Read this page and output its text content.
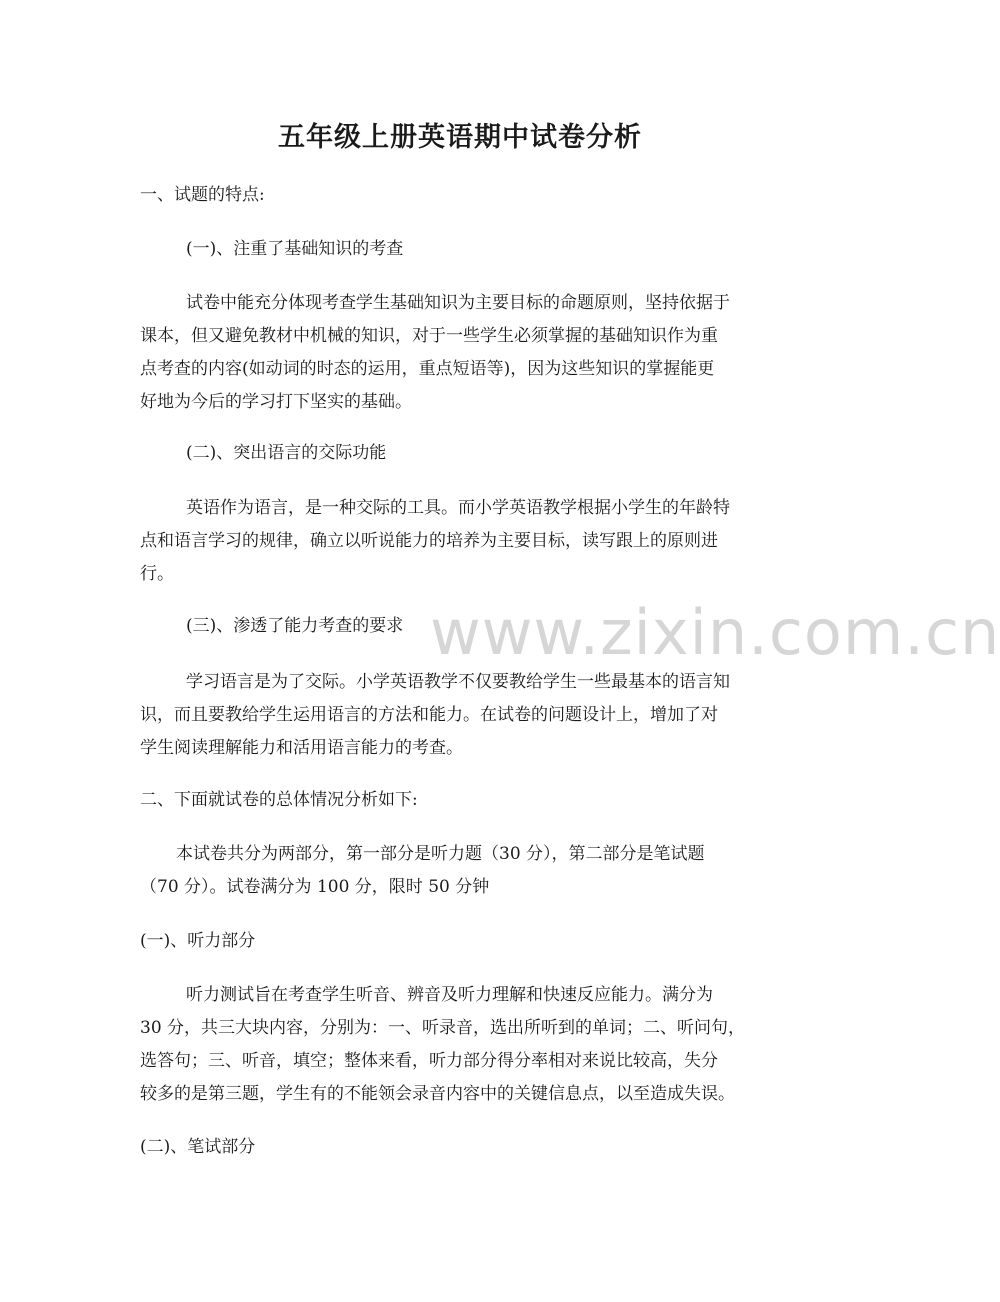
www.zixin.com.cn
五年级上册英语期中试卷分析
一、试题的特点:
(一)、注重了基础知识的考查
试卷中能充分体现考查学生基础知识为主要目标的命题原则，坚持依据于
课本，但又避免教材中机械的知识，对于一些学生必须掌握的基础知识作为重
点考查的内容(如动词的时态的运用，重点短语等)，因为这些知识的掌握能更
好地为今后的学习打下坚实的基础。
(二)、突出语言的交际功能
英语作为语言，是一种交际的工具。而小学英语教学根据小学生的年龄特
点和语言学习的规律，确立以听说能力的培养为主要目标，读写跟上的原则进
行。
(三)、渗透了能力考查的要求
学习语言是为了交际。小学英语教学不仅要教给学生一些最基本的语言知
识，而且要教给学生运用语言的方法和能力。在试卷的问题设计上，增加了对
学生阅读理解能力和活用语言能力的考查。
二、下面就试卷的总体情况分析如下:
本试卷共分为两部分，第一部分是听力题（30 分），第二部分是笔试题
（70 分）。试卷满分为 100 分，限时 50 分钟
(一)、听力部分
听力测试旨在考查学生听音、辨音及听力理解和快速反应能力。满分为
30 分，共三大块内容，分别为：一、听录音，选出所听到的单词；二、听问句，
选答句；三、听音，填空；整体来看，听力部分得分率相对来说比较高，失分
较多的是第三题，学生有的不能领会录音内容中的关键信息点，以至造成失误。
(二)、笔试部分
